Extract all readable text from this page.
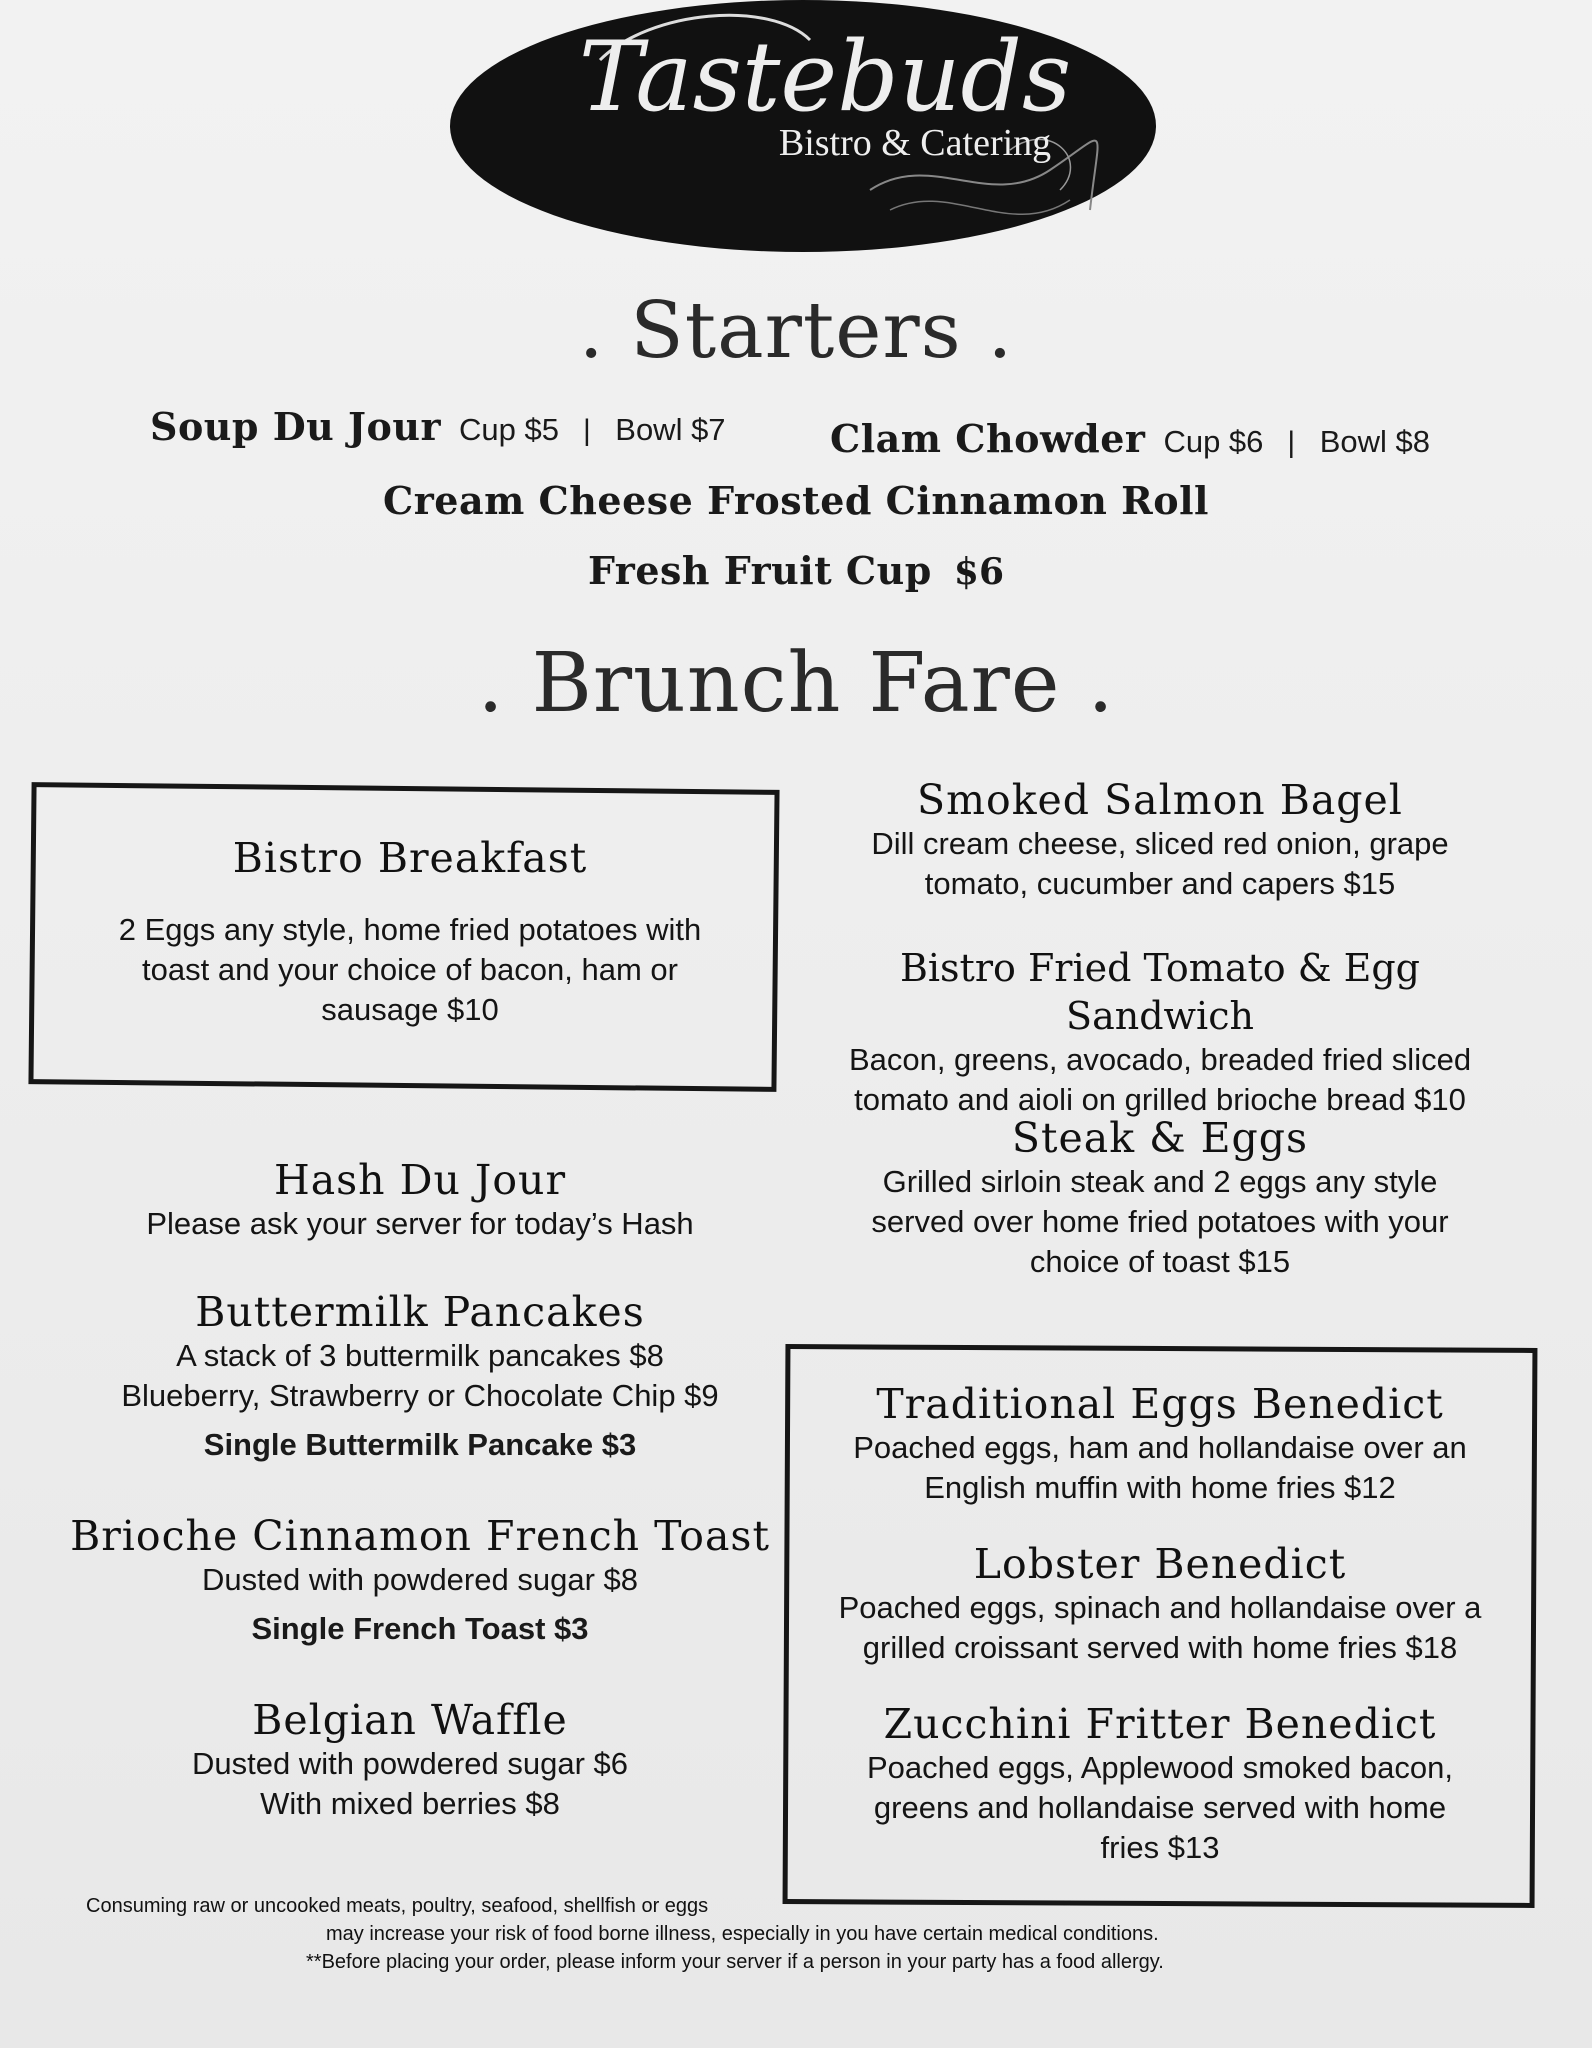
Tastebuds
Bistro & Catering
. Starters .
Soup Du Jour Cup $5 | Bowl $7	Clam Chowder Cup $6 | Bowl $8
Cream Cheese Frosted Cinnamon Roll
Fresh Fruit Cup $6
. Brunch Fare .
Bistro Breakfast
2 Eggs any style, home fried potatoes with
toast and your choice of bacon, ham or
sausage $10
Hash Du Jour
Please ask your server for today’s Hash
Buttermilk Pancakes
A stack of 3 buttermilk pancakes $8
Blueberry, Strawberry or Chocolate Chip $9
Single Buttermilk Pancake $3
Brioche Cinnamon French Toast
Dusted with powdered sugar $8
Single French Toast $3
Belgian Waffle
Dusted with powdered sugar $6
With mixed berries $8
Smoked Salmon Bagel
Dill cream cheese, sliced red onion, grape
tomato, cucumber and capers $15
Bistro Fried Tomato & Egg Sandwich
Bacon, greens, avocado, breaded fried sliced
tomato and aioli on grilled brioche bread $10
Steak & Eggs
Grilled sirloin steak and 2 eggs any style
served over home fried potatoes with your
choice of toast $15
Traditional Eggs Benedict
Poached eggs, ham and hollandaise over an
English muffin with home fries $12
Lobster Benedict
Poached eggs, spinach and hollandaise over a
grilled croissant served with home fries $18
Zucchini Fritter Benedict
Poached eggs, Applewood smoked bacon,
greens and hollandaise served with home
fries $13
Consuming raw or uncooked meats, poultry, seafood, shellfish or eggs
may increase your risk of food borne illness, especially in you have certain medical conditions.
**Before placing your order, please inform your server if a person in your party has a food allergy.
